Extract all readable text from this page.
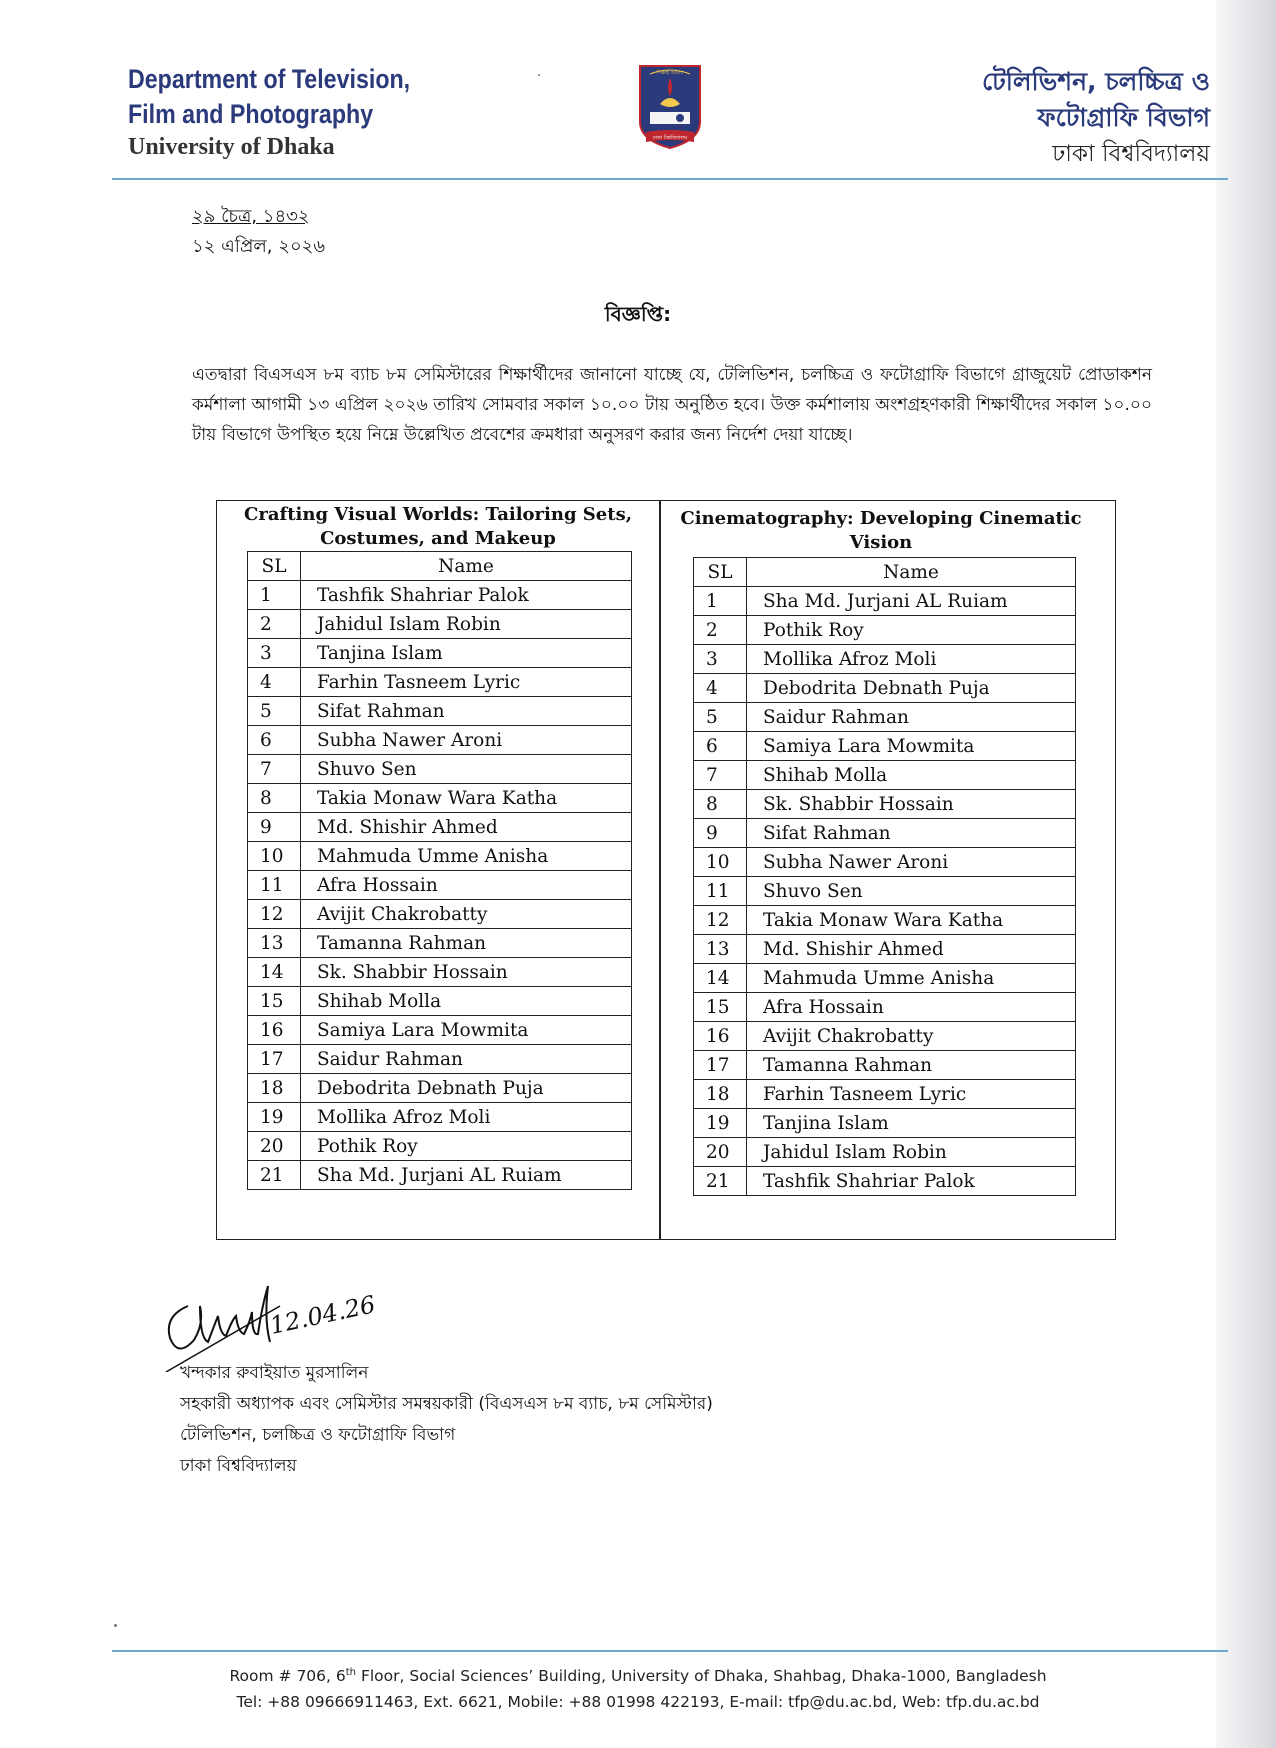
Department of Television,
Film and Photography
University of Dhaka
শিক্ষাই আলো
ঢাকা বিশ্ববিদ্যালয়
টেলিভিশন, চলচ্চিত্র ও
ফটোগ্রাফি বিভাগ
ঢাকা বিশ্ববিদ্যালয়
২৯ চৈত্র, ১৪৩২
১২ এপ্রিল, ২০২৬
বিজ্ঞপ্তি:
এতদ্বারা বিএসএস ৮ম ব্যাচ ৮ম সেমিস্টারের শিক্ষার্থীদের জানানো যাচ্ছে যে, টেলিভিশন, চলচ্চিত্র ও ফটোগ্রাফি বিভাগে গ্রাজুয়েট প্রোডাকশন কর্মশালা আগামী ১৩ এপ্রিল ২০২৬ তারিখ সোমবার সকাল ১০.০০ টায় অনুষ্ঠিত হবে। উক্ত কর্মশালায় অংশগ্রহণকারী শিক্ষার্থীদের সকাল ১০.০০ টায় বিভাগে উপস্থিত হয়ে নিম্নে উল্লেখিত প্রবেশের ক্রমধারা অনুসরণ করার জন্য নির্দেশ দেয়া যাচ্ছে।
Crafting Visual Worlds: Tailoring Sets, Costumes, and Makeup
SL	Name
1	Tashfik Shahriar Palok
2	Jahidul Islam Robin
3	Tanjina Islam
4	Farhin Tasneem Lyric
5	Sifat Rahman
6	Subha Nawer Aroni
7	Shuvo Sen
8	Takia Monaw Wara Katha
9	Md. Shishir Ahmed
10	Mahmuda Umme Anisha
11	Afra Hossain
12	Avijit Chakrobatty
13	Tamanna Rahman
14	Sk. Shabbir Hossain
15	Shihab Molla
16	Samiya Lara Mowmita
17	Saidur Rahman
18	Debodrita Debnath Puja
19	Mollika Afroz Moli
20	Pothik Roy
21	Sha Md. Jurjani AL Ruiam
Cinematography: Developing Cinematic Vision
SL	Name
1	Sha Md. Jurjani AL Ruiam
2	Pothik Roy
3	Mollika Afroz Moli
4	Debodrita Debnath Puja
5	Saidur Rahman
6	Samiya Lara Mowmita
7	Shihab Molla
8	Sk. Shabbir Hossain
9	Sifat Rahman
10	Subha Nawer Aroni
11	Shuvo Sen
12	Takia Monaw Wara Katha
13	Md. Shishir Ahmed
14	Mahmuda Umme Anisha
15	Afra Hossain
16	Avijit Chakrobatty
17	Tamanna Rahman
18	Farhin Tasneem Lyric
19	Tanjina Islam
20	Jahidul Islam Robin
21	Tashfik Shahriar Palok
12.04.26
খন্দকার রুবাইয়াত মুরসালিন
সহকারী অধ্যাপক এবং সেমিস্টার সমন্বয়কারী (বিএসএস ৮ম ব্যাচ, ৮ম সেমিস্টার)
টেলিভিশন, চলচ্চিত্র ও ফটোগ্রাফি বিভাগ
ঢাকা বিশ্ববিদ্যালয়
Room # 706, 6th Floor, Social Sciences’ Building, University of Dhaka, Shahbag, Dhaka-1000, Bangladesh
Tel: +88 09666911463, Ext. 6621, Mobile: +88 01998 422193, E-mail: tfp@du.ac.bd, Web: tfp.du.ac.bd
